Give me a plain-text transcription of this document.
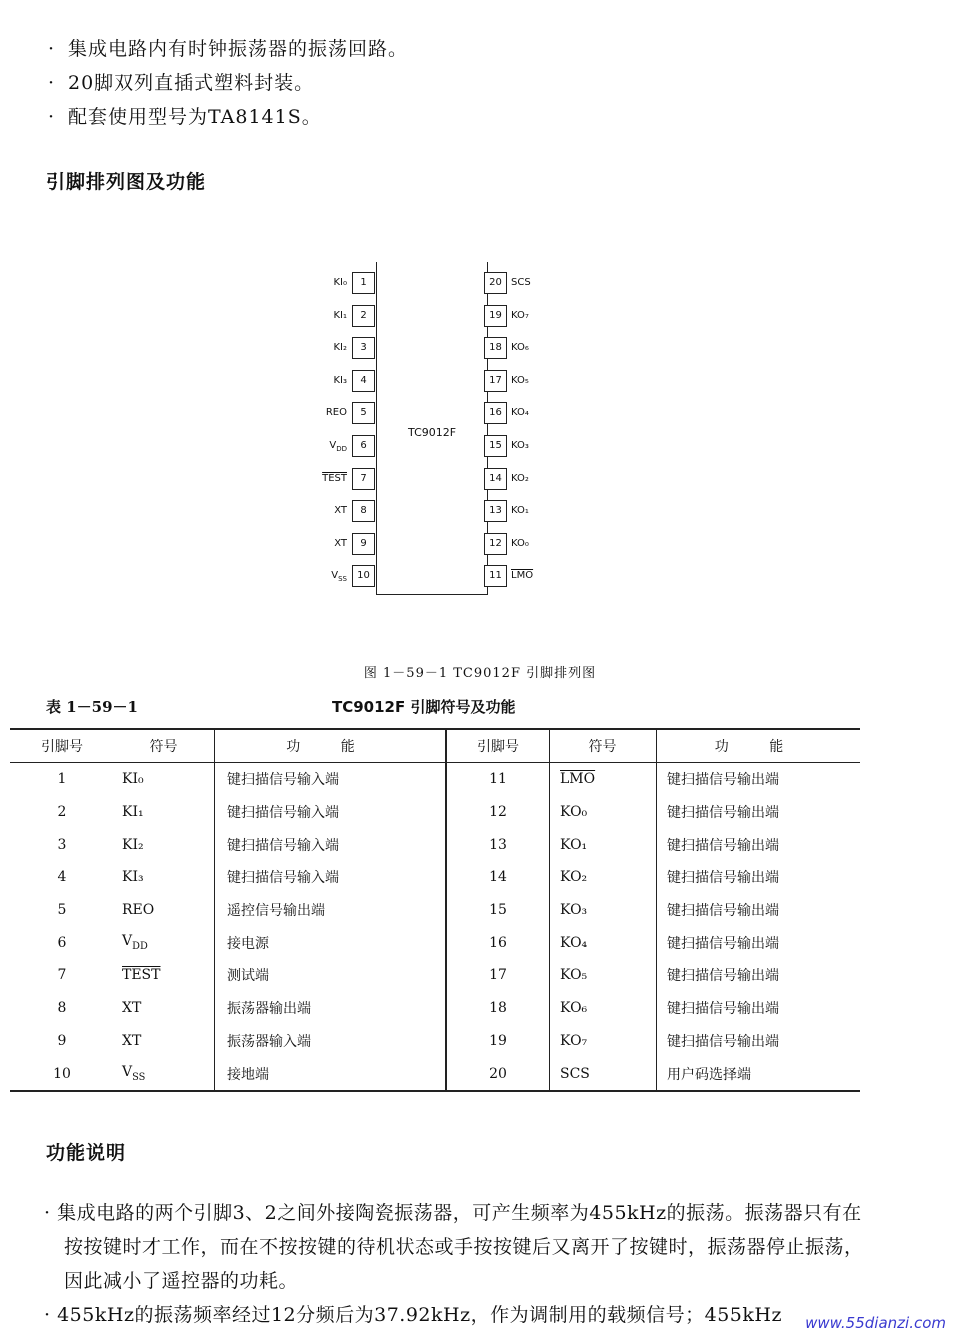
· 集成电路内有时钟振荡器的振荡回路。
· 20脚双列直插式塑料封装。
· 配套使用型号为TA8141S。
引脚排列图及功能
TC9012F
1
KI₀
2
KI₁
3
KI₂
4
KI₃
5
REO
6
$V_{DD}$
7
TEST
8
XT
9
XT
10
$V_{SS}$
20 SCS
19 KO₇
18 KO₆
17 KO₅
16 KO₄
15 KO₃
14 KO₂
13 KO₁
12 KO₀
11 $\overline{LMO}$
图 1－59－1 TC9012F 引脚排列图
表 1－59－1	TC9012F 引脚符号及功能
引脚号	符号	功 能	引脚号	符号	功 能
1	KI₀	键扫描信号输入端	11	$\overline{LMO}$	键扫描信号输出端
2	KI₁	键扫描信号输入端	12	KO₀	键扫描信号输出端
3	KI₂	键扫描信号输入端	13	KO₁	键扫描信号输出端
4	KI₃	键扫描信号输入端	14	KO₂	键扫描信号输出端
5	REO	遥控信号输出端	15	KO₃	键扫描信号输出端
6	$V_{DD}$	接电源	16	KO₄	键扫描信号输出端
7	TEST	测试端	17	KO₅	键扫描信号输出端
8	XT	振荡器输出端	18	KO₆	键扫描信号输出端
9	XT	振荡器输入端	19	KO₇	键扫描信号输出端
10	$V_{SS}$	接地端	20	SCS	用户码选择端
功能说明

· 集成电路的两个引脚3、2之间外接陶瓷振荡器，可产生频率为455kHz的振荡。振荡器只有在按按键时才工作，而在不按按键的待机状态或手按按键后又离开了按键时，振荡器停止振荡，因此减小了遥控器的功耗。

· 455kHz的振荡频率经过12分频后为37.92kHz，作为调制用的载频信号；455kHz	www.55dianzi.com
